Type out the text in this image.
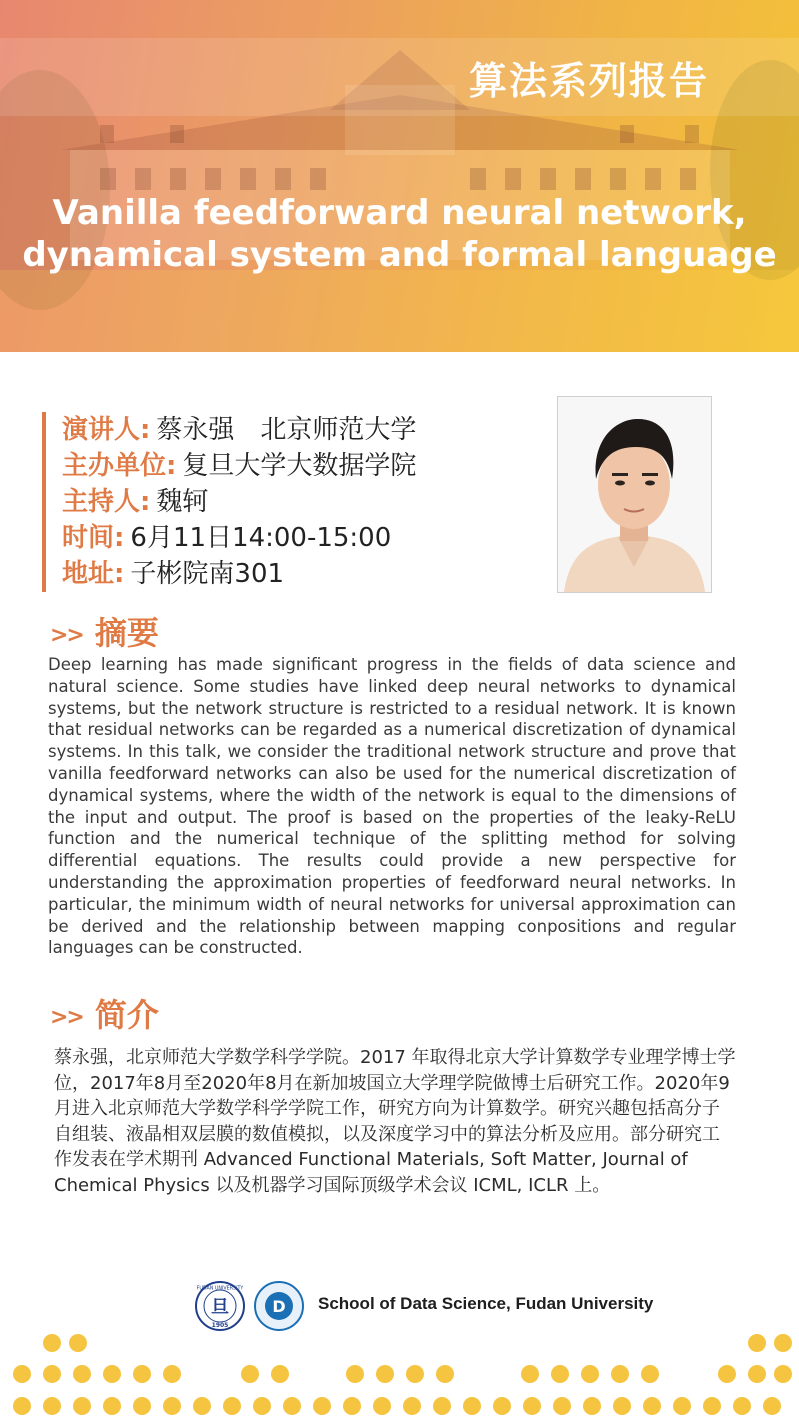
算法系列报告
Vanilla feedforward neural network,
dynamical system and formal language
演讲人: 蔡永强　北京师范大学
主办单位: 复旦大学大数据学院
主持人: 魏轲
时间: 6月11日14:00-15:00
地址: 子彬院南301
>> 摘要
Deep learning has made significant progress in the fields of data science and natural science. Some studies have linked deep neural networks to dynamical systems, but the network structure is restricted to a residual network. It is known that residual networks can be regarded as a numerical discretization of dynamical systems. In this talk, we consider the traditional network structure and prove that vanilla feedforward networks can also be used for the numerical discretization of dynamical systems, where the width of the network is equal to the dimensions of the input and output. The proof is based on the properties of the leaky-ReLU function and the numerical technique of the splitting method for solving differential equations. The results could provide a new perspective for understanding the approximation properties of feedforward neural networks. In particular, the minimum width of neural networks for universal approximation can be derived and the relationship between mapping conpositions and regular languages can be constructed.
>> 简介
蔡永强，北京师范大学数学科学学院。2017 年取得北京大学计算数学专业理学博士学位，2017年8月至2020年8月在新加坡国立大学理学院做博士后研究工作。2020年9月进入北京师范大学数学科学学院工作，研究方向为计算数学。研究兴趣包括高分子自组装、液晶相双层膜的数值模拟，以及深度学习中的算法分析及应用。部分研究工作发表在学术期刊 Advanced Functional Materials, Soft Matter, Journal of Chemical Physics 以及机器学习国际顶级学术会议 ICML, ICLR 上。
旦
FUDAN UNIVERSITY
1905
D School of Data Science, Fudan University
